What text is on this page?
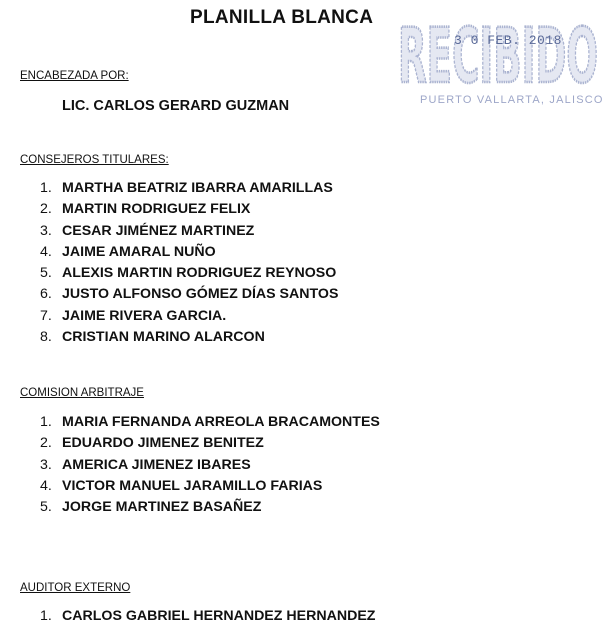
PLANILLA BLANCA RECIBIDO
RECIBIDO
3 0 FEB. 2018
PUERTO VALLARTA, JALISCO

ENCABEZADA POR:

LIC. CARLOS GERARD GUZMAN

CONSEJEROS TITULARES:

1. MARTHA BEATRIZ IBARRA AMARILLAS
2. MARTIN RODRIGUEZ FELIX
3. CESAR JIMÉNEZ MARTINEZ
4. JAIME AMARAL NUÑO
5. ALEXIS MARTIN RODRIGUEZ REYNOSO
6. JUSTO ALFONSO GÓMEZ DÍAS SANTOS
7. JAIME RIVERA GARCIA.
8. CRISTIAN MARINO ALARCON

COMISION ARBITRAJE

1. MARIA FERNANDA ARREOLA BRACAMONTES
2. EDUARDO JIMENEZ BENITEZ
3. AMERICA JIMENEZ IBARES
4. VICTOR MANUEL JARAMILLO FARIAS
5. JORGE MARTINEZ BASAÑEZ

AUDITOR EXTERNO

1. CARLOS GABRIEL HERNANDEZ HERNANDEZ
